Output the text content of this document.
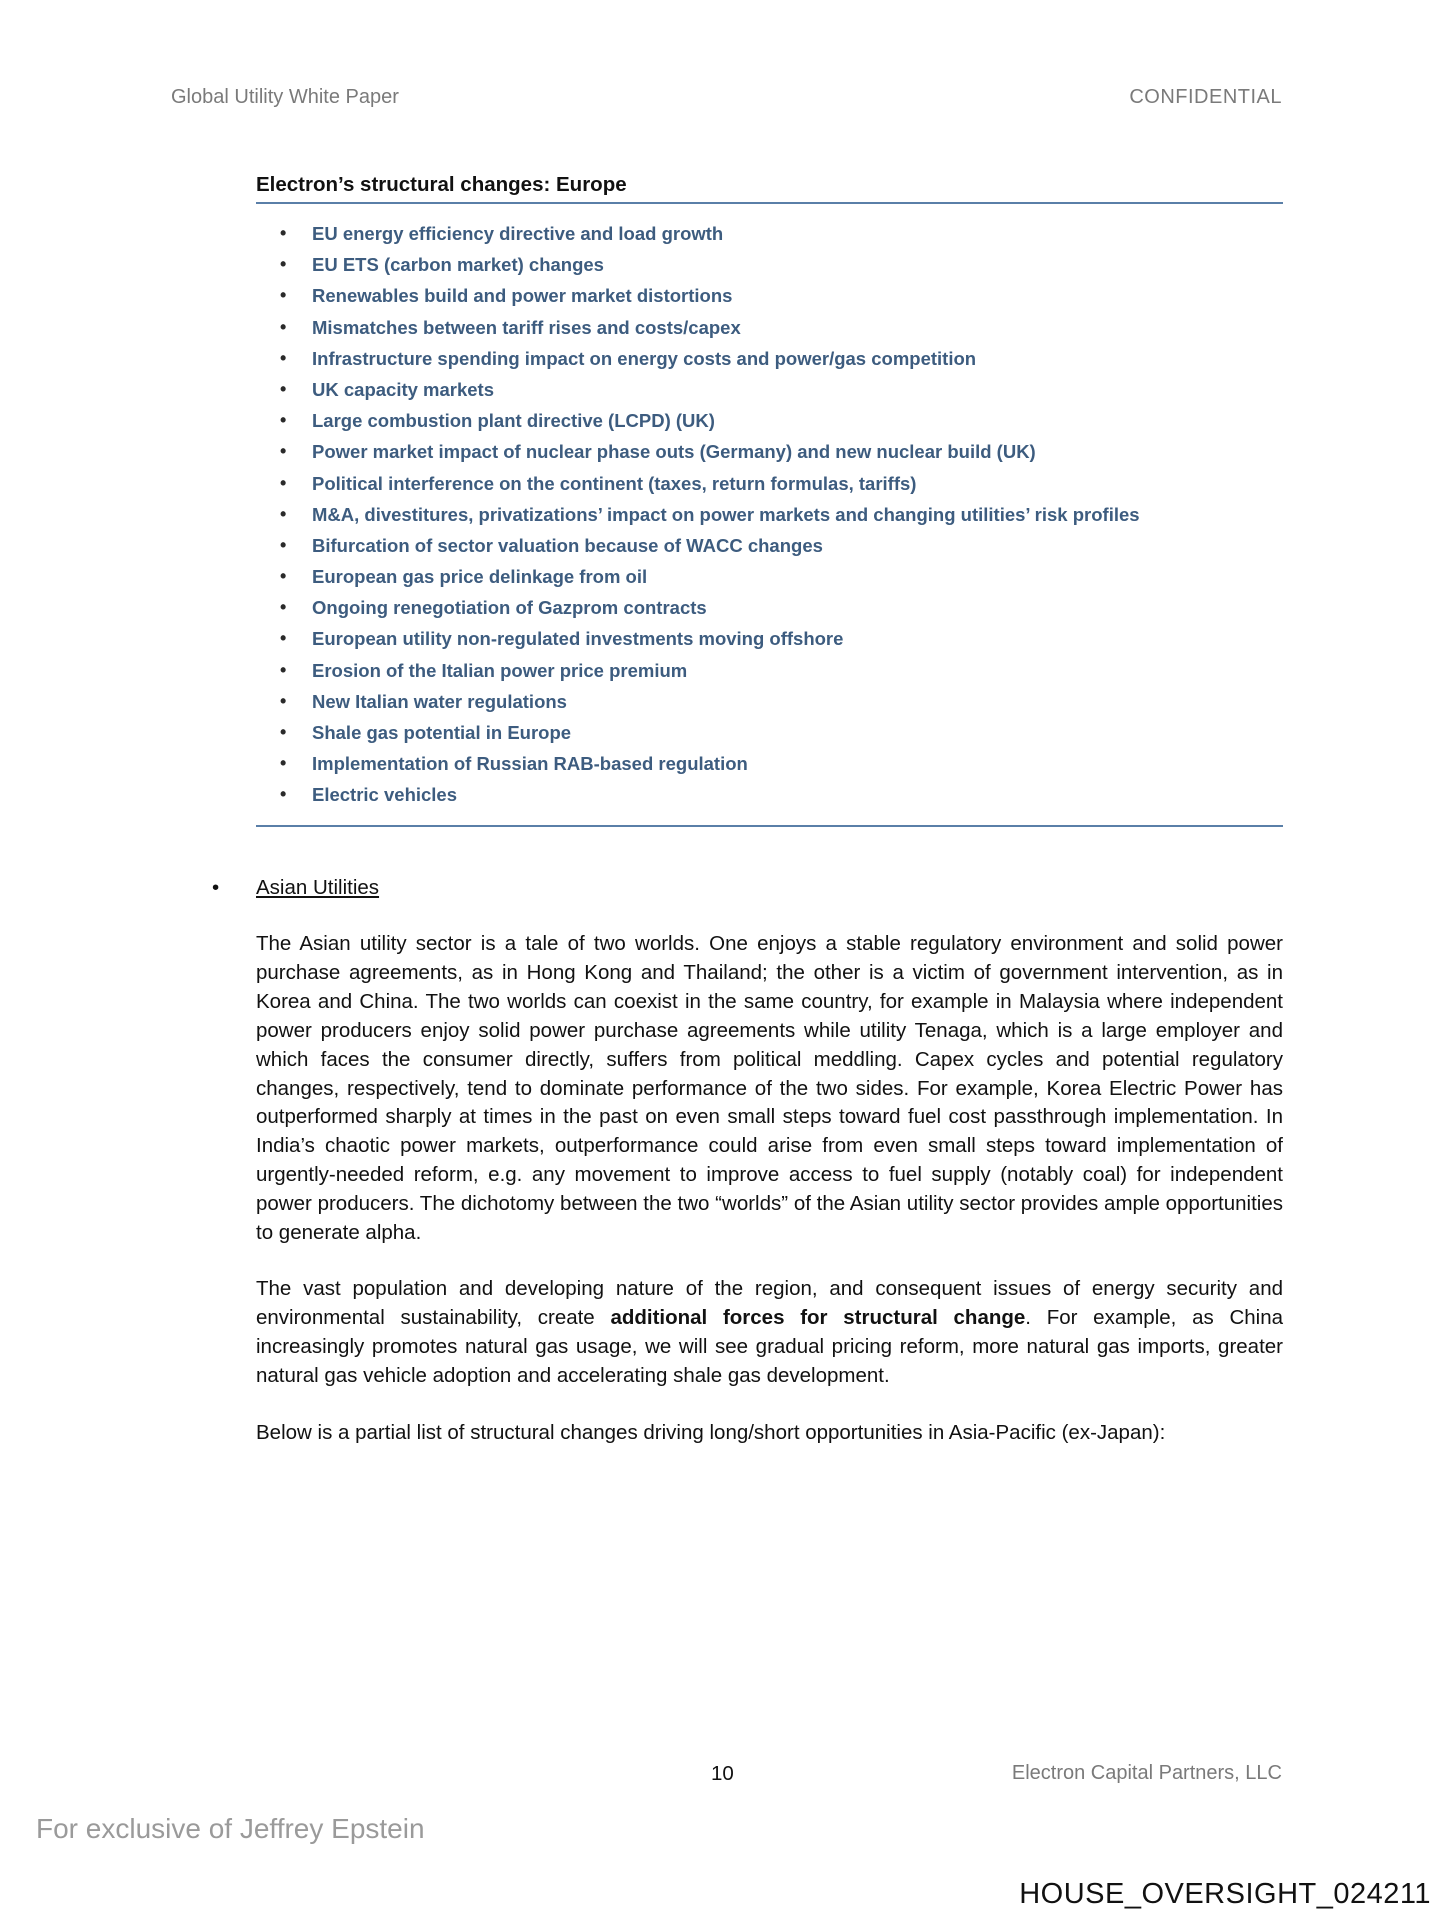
Global Utility White Paper	CONFIDENTIAL
Electron’s structural changes: Europe
• EU energy efficiency directive and load growth
• EU ETS (carbon market) changes
• Renewables build and power market distortions
• Mismatches between tariff rises and costs/capex
• Infrastructure spending impact on energy costs and power/gas competition
• UK capacity markets
• Large combustion plant directive (LCPD) (UK)
• Power market impact of nuclear phase outs (Germany) and new nuclear build (UK)
• Political interference on the continent (taxes, return formulas, tariffs)
• M&A, divestitures, privatizations’ impact on power markets and changing utilities’ risk profiles
• Bifurcation of sector valuation because of WACC changes
• European gas price delinkage from oil
• Ongoing renegotiation of Gazprom contracts
• European utility non-regulated investments moving offshore
• Erosion of the Italian power price premium
• New Italian water regulations
• Shale gas potential in Europe
• Implementation of Russian RAB-based regulation
• Electric vehicles
• Asian Utilities

The Asian utility sector is a tale of two worlds. One enjoys a stable regulatory environment and solid power purchase agreements, as in Hong Kong and Thailand; the other is a victim of government intervention, as in Korea and China. The two worlds can coexist in the same country, for example in Malaysia where independent power producers enjoy solid power purchase agreements while utility Tenaga, which is a large employer and which faces the consumer directly, suffers from political meddling. Capex cycles and potential regulatory changes, respectively, tend to dominate performance of the two sides. For example, Korea Electric Power has outperformed sharply at times in the past on even small steps toward fuel cost passthrough implementation. In India’s chaotic power markets, outperformance could arise from even small steps toward implementation of urgently-needed reform, e.g. any movement to improve access to fuel supply (notably coal) for independent power producers. The dichotomy between the two “worlds” of the Asian utility sector provides ample opportunities to generate alpha.

The vast population and developing nature of the region, and consequent issues of energy security and environmental sustainability, create additional forces for structural change. For example, as China increasingly promotes natural gas usage, we will see gradual pricing reform, more natural gas imports, greater natural gas vehicle adoption and accelerating shale gas development.

Below is a partial list of structural changes driving long/short opportunities in Asia-Pacific (ex-Japan):

10	Electron Capital Partners, LLC
For exclusive of Jeffrey Epstein
HOUSE_OVERSIGHT_024211
